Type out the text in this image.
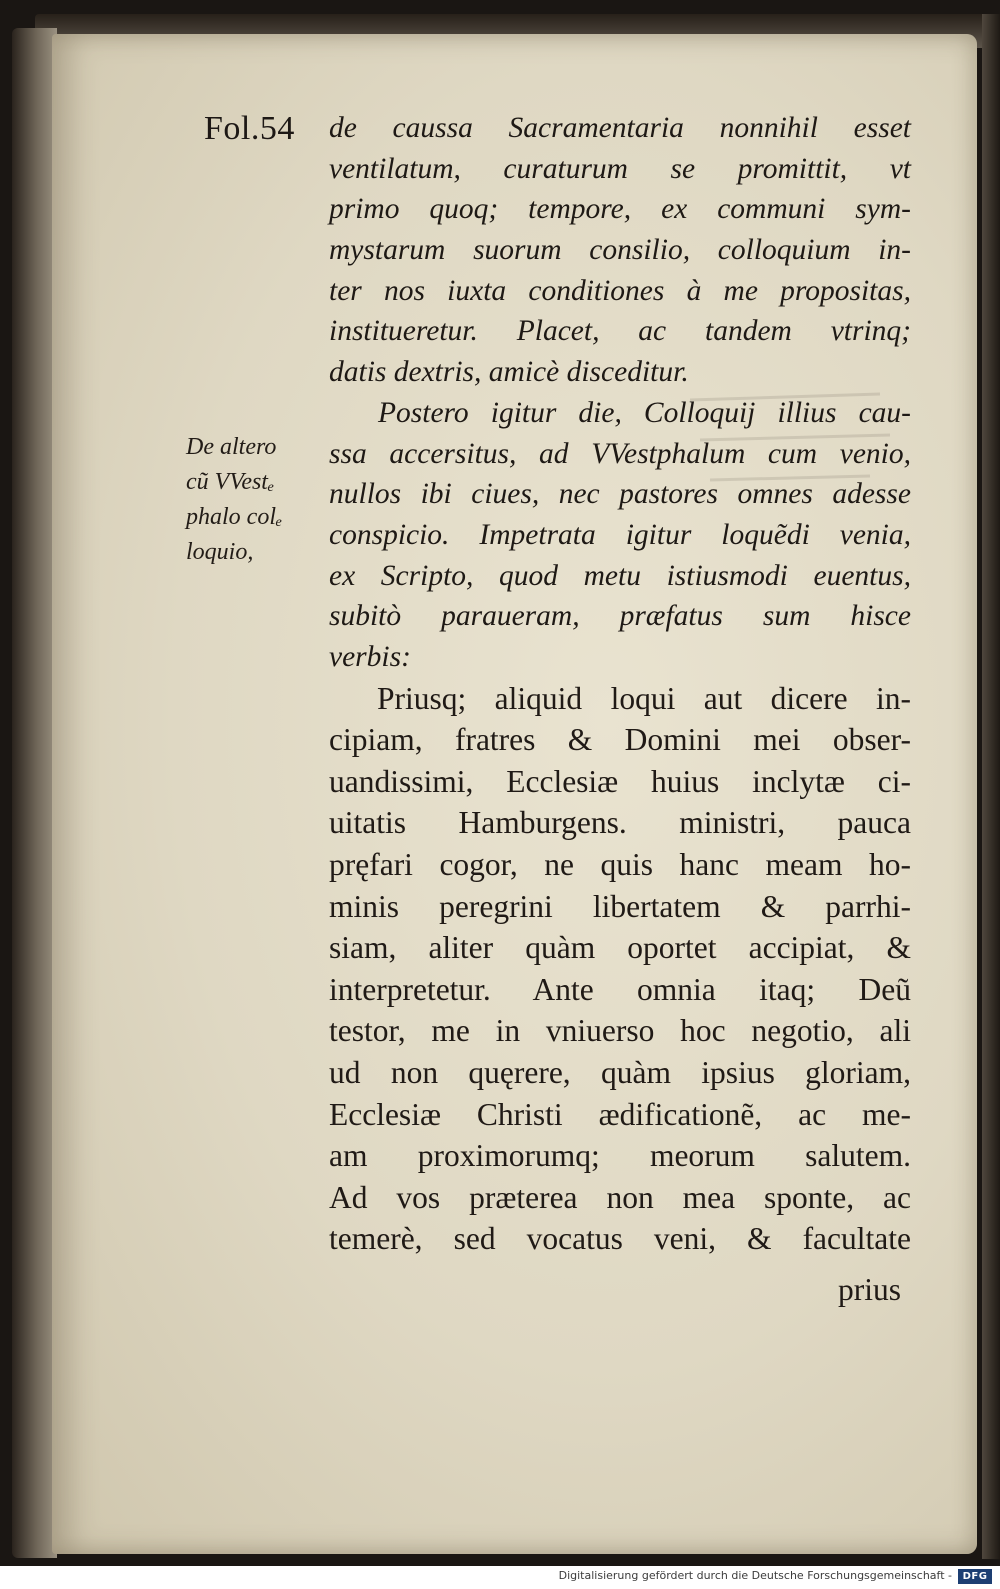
Fol.54
De altero
cũ VVestₑ
phalo colₑ
loquio,
de caussa Sacramentaria nonnihil esset
ventilatum, curaturum se promittit, vt
primo quoq; tempore, ex communi sym-
mystarum suorum consilio, colloquium in-
ter nos iuxta conditiones à me propositas,
institueretur. Placet, ac tandem vtrinq;
datis dextris, amicè disceditur.
Postero igitur die, Colloquij illius cau-
ssa accersitus, ad VVestphalum cum venio,
nullos ibi ciues, nec pastores omnes adesse
conspicio. Impetrata igitur loquẽdi venia,
ex Scripto, quod metu istiusmodi euentus,
subitò paraueram, præfatus sum hisce
verbis:
Priusq; aliquid loqui aut dicere in-
cipiam, fratres & Domini mei obser-
uandissimi, Ecclesiæ huius inclytæ ci-
uitatis Hamburgens. ministri, pauca
pręfari cogor, ne quis hanc meam ho-
minis peregrini libertatem & parrhi-
siam, aliter quàm oportet accipiat, &
interpretetur. Ante omnia itaq; Deũ
testor, me in vniuerso hoc negotio, ali
ud non quęrere, quàm ipsius gloriam,
Ecclesiæ Christi ædificationẽ, ac me-
am proximorumq; meorum salutem.
Ad vos præterea non mea sponte, ac
temerè, sed vocatus veni, & facultate
prius
Digitalisierung gefördert durch die Deutsche Forschungsgemeinschaft -	DFG
